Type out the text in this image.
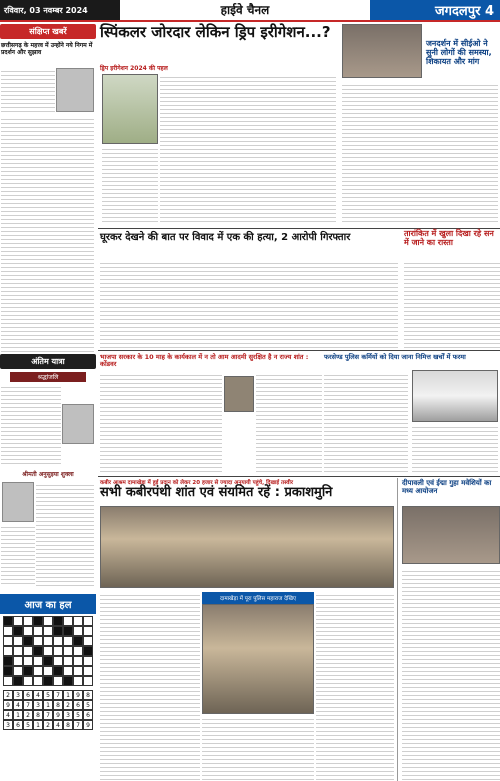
रविवार, 03 नवम्बर 2024	हाईवे चैनल	जगदलपुर 4
संक्षिप्त खबरें
छत्तीसगढ़ के महत्त्व में उन्होंने नये निगम में प्रदर्शन और सुझाव
अंतिम यात्रा
श्रद्धांजलि
श्रीमती अनुसुइया शुक्ला
आज का हल
2	3	6	4	5	7	1	9	8
9	4	7	3	1	8	2	6	5
4	1	2	8	7	9	3	5	6
3	6	5	1	2	4	8	7	9
स्पिंकलर जोरदार लेकिन ड्रिप इरीगेशन...?
ड्रिप इरीगेशन 2024 की पहल
जनदर्शन में सीईओ ने सुनी लोगों की समस्या, शिकायत और मांग
घूरकर देखने की बात पर विवाद में एक की हत्या, 2 आरोपी गिरफ्तार	तारांकित में खुला दिखा रहे सन में जाने का रास्ता
भाजपा सरकार के 10 माह के कार्यकाल में न तो आम आदमी सुरक्षित है न राज्य शांत : कोंडवर
फरसेण्ड पुलिस कर्मियों को दिया जाना निमित्त खर्चों में फरमा
कबीर आश्रम दामाखेड़ा में हुई प्रदान को लेकर 20 हजार से ज्यादा अनुयायी पहुंचे, दिखाई तस्वीर
सभी कबीरपंथी शांत एवं संयमित रहें : प्रकाशमुनि
दामाखेड़ा में पूरा पुलिस महाराज देखिए
दीपावली एवं ईद्मा गुहा मवेशियों का मध्य आयोजन
